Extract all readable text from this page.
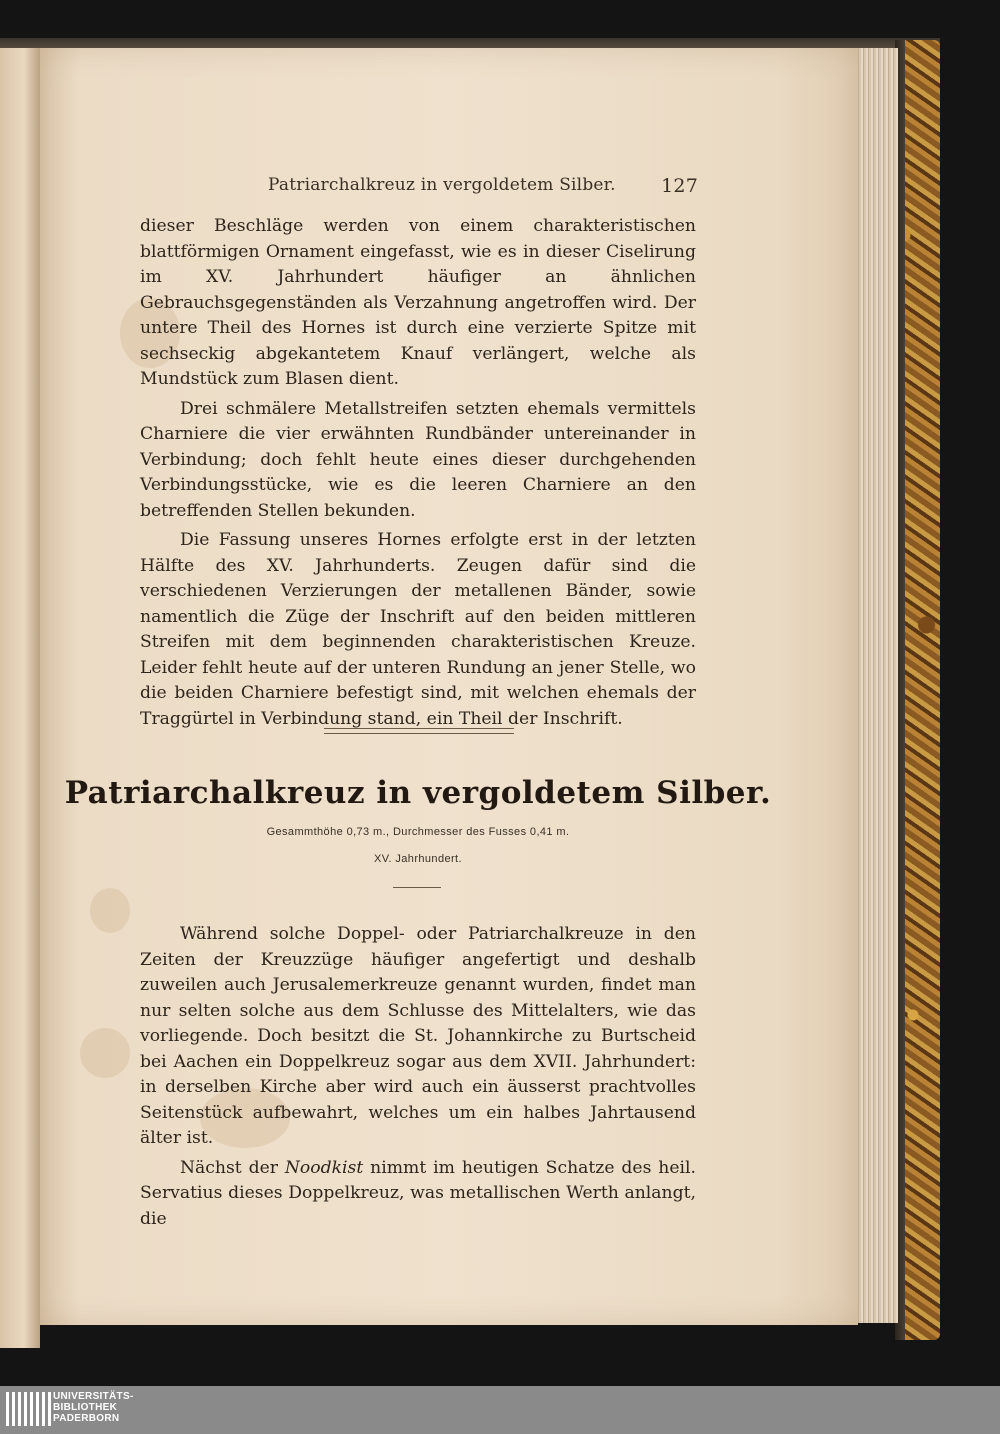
Patriarchalkreuz in vergoldetem Silber. 127

dieser Beschläge werden von einem charakteristischen blattförmigen Ornament eingefasst, wie es in dieser Ciselirung im XV. Jahrhundert häufiger an ähnlichen Gebrauchsgegenständen als Verzahnung angetroffen wird. Der untere Theil des Hornes ist durch eine verzierte Spitze mit sechseckig abgekantetem Knauf verlängert, welche als Mundstück zum Blasen dient.

Drei schmälere Metallstreifen setzten ehemals vermittels Charniere die vier erwähnten Rundbänder untereinander in Verbindung; doch fehlt heute eines dieser durchgehenden Verbindungsstücke, wie es die leeren Charniere an den betreffenden Stellen bekunden.

Die Fassung unseres Hornes erfolgte erst in der letzten Hälfte des XV. Jahrhunderts. Zeugen dafür sind die verschiedenen Verzierungen der metallenen Bänder, sowie namentlich die Züge der Inschrift auf den beiden mittleren Streifen mit dem beginnenden charakteristischen Kreuze. Leider fehlt heute auf der unteren Rundung an jener Stelle, wo die beiden Charniere befestigt sind, mit welchen ehemals der Traggürtel in Verbindung stand, ein Theil der Inschrift.

Patriarchalkreuz in vergoldetem Silber.
Gesammthöhe 0,73 m., Durchmesser des Fusses 0,41 m.
XV. Jahrhundert.

Während solche Doppel- oder Patriarchalkreuze in den Zeiten der Kreuzzüge häufiger angefertigt und deshalb zuweilen auch Jerusalemerkreuze genannt wurden, findet man nur selten solche aus dem Schlusse des Mittelalters, wie das vorliegende. Doch besitzt die St. Johannkirche zu Burtscheid bei Aachen ein Doppelkreuz sogar aus dem XVII. Jahrhundert: in derselben Kirche aber wird auch ein äusserst prachtvolles Seitenstück aufbewahrt, welches um ein halbes Jahrtausend älter ist.

Nächst der Noodkist nimmt im heutigen Schatze des heil. Servatius dieses Doppelkreuz, was metallischen Werth anlangt, die

UNIVERSITÄTS-
BIBLIOTHEK
PADERBORN
